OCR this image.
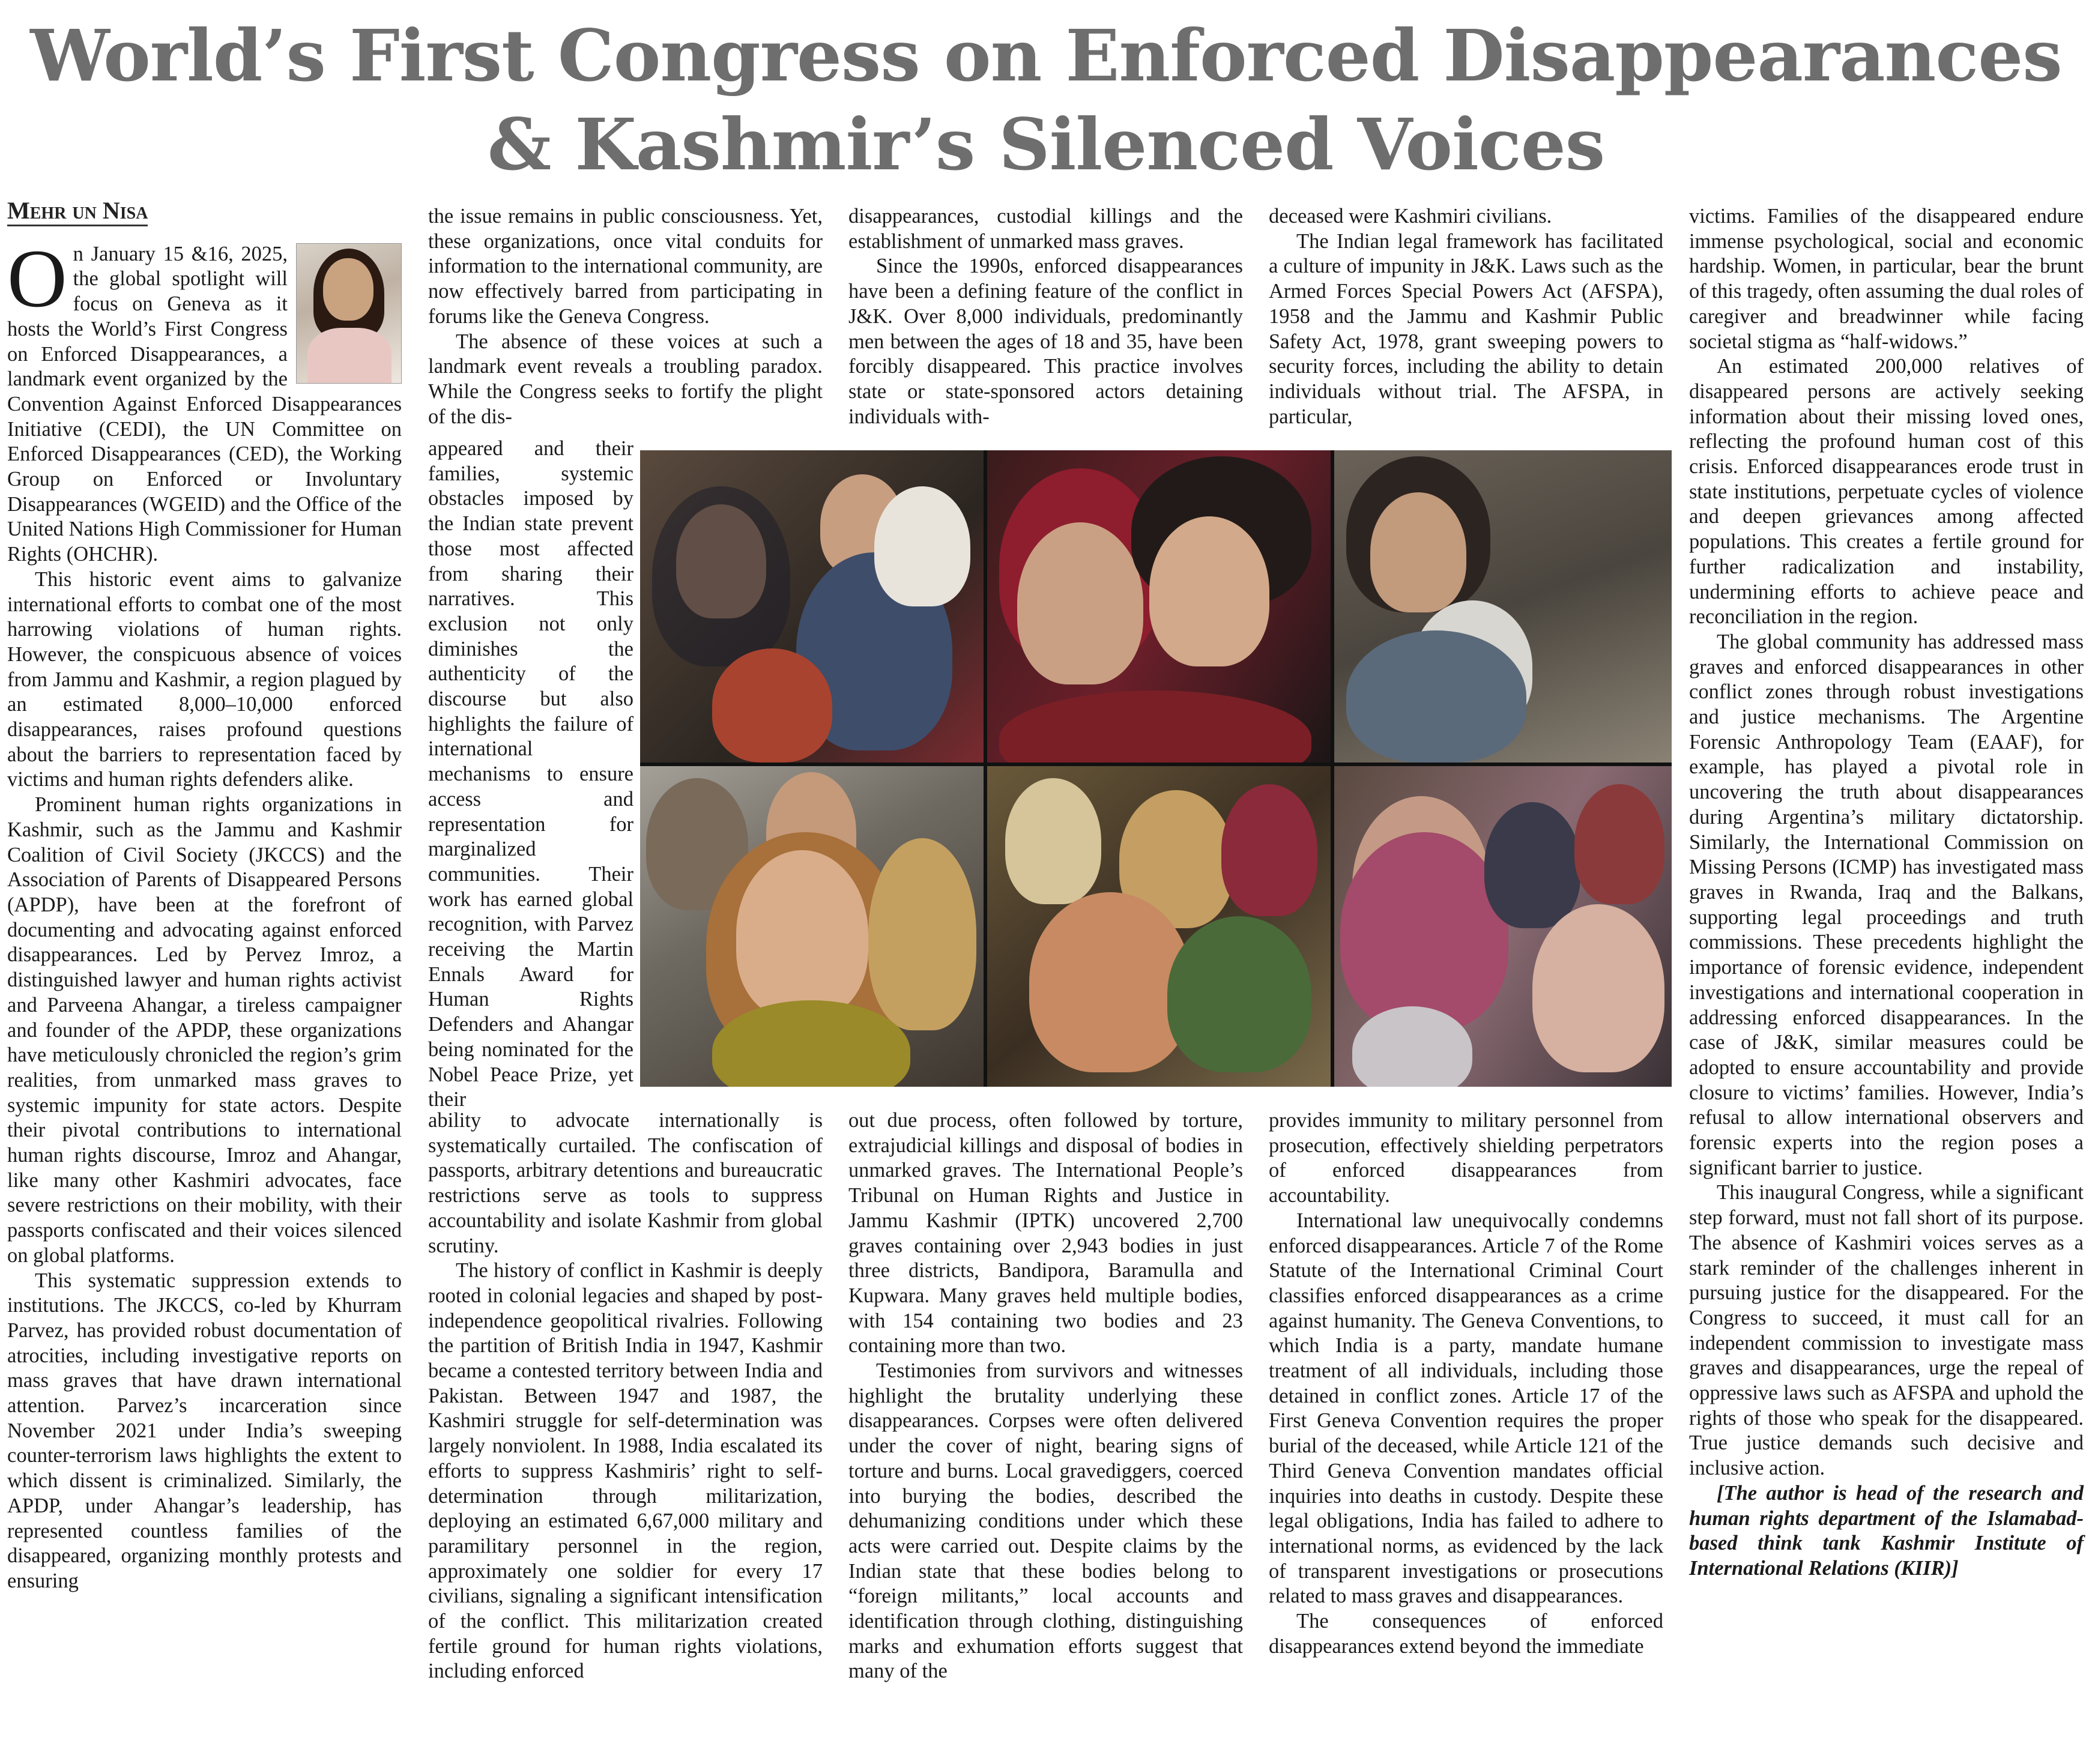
World’s First Congress on Enforced Disappearances
& Kashmir’s Silenced Voices
Mehr un Nisa

On January 15 &16, 2025, the global spotlight will focus on Geneva as it hosts the World’s First Congress on Enforced Disappearances, a landmark event organized by the Convention Against Enforced Disappearances Initiative (CEDI), the UN Committee on Enforced Disappearances (CED), the Working Group on Enforced or Involuntary Disappearances (WGEID) and the Office of the United Nations High Commissioner for Human Rights (OHCHR).

This historic event aims to galvanize international efforts to combat one of the most harrowing violations of human rights. However, the conspicuous absence of voices from Jammu and Kashmir, a region plagued by an estimated 8,000–10,000 enforced disappearances, raises profound questions about the barriers to representation faced by victims and human rights defenders alike.

Prominent human rights organizations in Kashmir, such as the Jammu and Kashmir Coalition of Civil Society (JKCCS) and the Association of Parents of Disappeared Persons (APDP), have been at the forefront of documenting and advocating against enforced disappearances. Led by Pervez Imroz, a distinguished lawyer and human rights activist and Parveena Ahangar, a tireless campaigner and founder of the APDP, these organizations have meticulously chronicled the region’s grim realities, from unmarked mass graves to systemic impunity for state actors. Despite their pivotal contributions to international human rights discourse, Imroz and Ahangar, like many other Kashmiri advocates, face severe restrictions on their mobility, with their passports confiscated and their voices silenced on global platforms.

This systematic suppression extends to institutions. The JKCCS, co-led by Khurram Parvez, has provided robust documentation of atrocities, including investigative reports on mass graves that have drawn international attention. Parvez’s incarceration since November 2021 under India’s sweeping counter-terrorism laws highlights the extent to which dissent is criminalized. Similarly, the APDP, under Ahangar’s leadership, has represented countless families of the disappeared, organizing monthly protests and ensuring

the issue remains in public consciousness. Yet, these organizations, once vital conduits for information to the international community, are now effectively barred from participating in forums like the Geneva Congress.

The absence of these voices at such a landmark event reveals a troubling paradox. While the Congress seeks to fortify the plight of the dis-

appeared and their families, systemic obstacles imposed by the Indian state prevent those most affected from sharing their narratives. This exclusion not only diminishes the authenticity of the discourse but also highlights the failure of international mechanisms to ensure access and representation for marginalized communities. Their work has earned global recognition, with Parvez receiving the Martin Ennals Award for Human Rights Defenders and Ahangar being nominated for the Nobel Peace Prize, yet their

ability to advocate internationally is systematically curtailed. The confiscation of passports, arbitrary detentions and bureaucratic restrictions serve as tools to suppress accountability and isolate Kashmir from global scrutiny.

The history of conflict in Kashmir is deeply rooted in colonial legacies and shaped by post-independence geopolitical rivalries. Following the partition of British India in 1947, Kashmir became a contested territory between India and Pakistan. Between 1947 and 1987, the Kashmiri struggle for self-determination was largely nonviolent. In 1988, India escalated its efforts to suppress Kashmiris’ right to self-determination through militarization, deploying an estimated 6,67,000 military and paramilitary personnel in the region, approximately one soldier for every 17 civilians, signaling a significant intensification of the conflict. This militarization created fertile ground for human rights violations, including enforced

disappearances, custodial killings and the establishment of unmarked mass graves.

Since the 1990s, enforced disappearances have been a defining feature of the conflict in J&K. Over 8,000 individuals, predominantly men between the ages of 18 and 35, have been forcibly disappeared. This practice involves state or state-sponsored actors detaining individuals with-

out due process, often followed by torture, extrajudicial killings and disposal of bodies in unmarked graves. The International People’s Tribunal on Human Rights and Justice in Jammu Kashmir (IPTK) uncovered 2,700 graves containing over 2,943 bodies in just three districts, Bandipora, Baramulla and Kupwara. Many graves held multiple bodies, with 154 containing two bodies and 23 containing more than two.

Testimonies from survivors and witnesses highlight the brutality underlying these disappearances. Corpses were often delivered under the cover of night, bearing signs of torture and burns. Local gravediggers, coerced into burying the bodies, described the dehumanizing conditions under which these acts were carried out. Despite claims by the Indian state that these bodies belong to “foreign militants,” local accounts and identification through clothing, distinguishing marks and exhumation efforts suggest that many of the

deceased were Kashmiri civilians.

The Indian legal framework has facilitated a culture of impunity in J&K. Laws such as the Armed Forces Special Powers Act (AFSPA), 1958 and the Jammu and Kashmir Public Safety Act, 1978, grant sweeping powers to security forces, including the ability to detain individuals without trial. The AFSPA, in particular,

provides immunity to military personnel from prosecution, effectively shielding perpetrators of enforced disappearances from accountability.

International law unequivocally condemns enforced disappearances. Article 7 of the Rome Statute of the International Criminal Court classifies enforced disappearances as a crime against humanity. The Geneva Conventions, to which India is a party, mandate humane treatment of all individuals, including those detained in conflict zones. Article 17 of the First Geneva Convention requires the proper burial of the deceased, while Article 121 of the Third Geneva Convention mandates official inquiries into deaths in custody. Despite these legal obligations, India has failed to adhere to international norms, as evidenced by the lack of transparent investigations or prosecutions related to mass graves and disappearances.

The consequences of enforced disappearances extend beyond the immediate

victims. Families of the disappeared endure immense psychological, social and economic hardship. Women, in particular, bear the brunt of this tragedy, often assuming the dual roles of caregiver and breadwinner while facing societal stigma as “half-widows.”

An estimated 200,000 relatives of disappeared persons are actively seeking information about their missing loved ones, reflecting the profound human cost of this crisis. Enforced disappearances erode trust in state institutions, perpetuate cycles of violence and deepen grievances among affected populations. This creates a fertile ground for further radicalization and instability, undermining efforts to achieve peace and reconciliation in the region.

The global community has addressed mass graves and enforced disappearances in other conflict zones through robust investigations and justice mechanisms. The Argentine Forensic Anthropology Team (EAAF), for example, has played a pivotal role in uncovering the truth about disappearances during Argentina’s military dictatorship. Similarly, the International Commission on Missing Persons (ICMP) has investigated mass graves in Rwanda, Iraq and the Balkans, supporting legal proceedings and truth commissions. These precedents highlight the importance of forensic evidence, independent investigations and international cooperation in addressing enforced disappearances. In the case of J&K, similar measures could be adopted to ensure accountability and provide closure to victims’ families. However, India’s refusal to allow international observers and forensic experts into the region poses a significant barrier to justice.

This inaugural Congress, while a significant step forward, must not fall short of its purpose. The absence of Kashmiri voices serves as a stark reminder of the challenges inherent in pursuing justice for the disappeared. For the Congress to succeed, it must call for an independent commission to investigate mass graves and disappearances, urge the repeal of oppressive laws such as AFSPA and uphold the rights of those who speak for the disappeared. True justice demands such decisive and inclusive action.

[The author is head of the research and human rights department of the Islamabad-based think tank Kashmir Institute of International Relations (KIIR)]
